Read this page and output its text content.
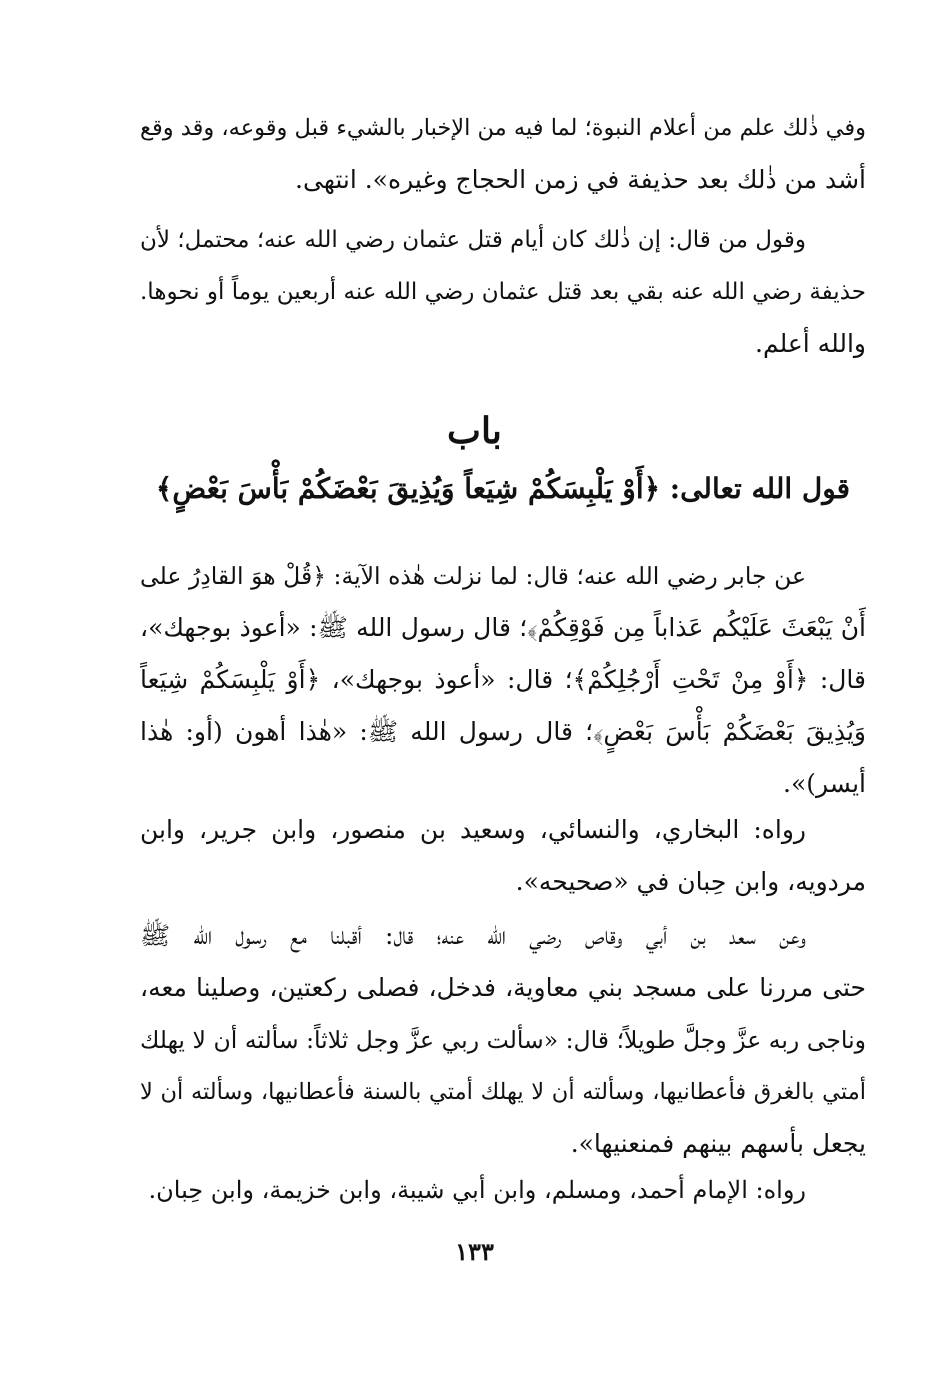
وفي ذٰلك علم من أعلام النبوة؛ لما فيه من الإخبار بالشيء قبل وقوعه، وقد وقع
أشد من ذٰلك بعد حذيفة في زمن الحجاج وغيره». انتهى.
وقول من قال: إن ذٰلك كان أيام قتل عثمان رضي الله عنه؛ محتمل؛ لأن
حذيفة رضي الله عنه بقي بعد قتل عثمان رضي الله عنه أربعين يوماً أو نحوها.
والله أعلم.
باب
قول الله تعالى: ﴿أَوْ يَلْبِسَكُمْ شِيَعاً وَيُذِيقَ بَعْضَكُمْ بَأْسَ بَعْضٍ﴾
عن جابر رضي الله عنه؛ قال: لما نزلت هٰذه الآية: ﴿قُلْ هوَ القادِرُ على
أَنْ يَبْعَثَ عَلَيْكُم عَذاباً مِن فَوْقِكُمْ﴾؛ قال رسول الله ﷺ: «أعوذ بوجهك»،
قال: ﴿أَوْ مِنْ تَحْتِ أَرْجُلِكُمْ﴾؛ قال: «أعوذ بوجهك»، ﴿أَوْ يَلْبِسَكُمْ شِيَعاً
وَيُذِيقَ بَعْضَكُمْ بَأْسَ بَعْضٍ﴾؛ قال رسول الله ﷺ: «هٰذا أهون (أو: هٰذا
أيسر)».
رواه: البخاري، والنسائي، وسعيد بن منصور، وابن جرير، وابن
مردويه، وابن حِبان في «صحيحه».
وعن سعد بن أبي وقاص رضي الله عنه؛ قال: أقبلنا مع رسول الله ﷺ
حتى مررنا على مسجد بني معاوية، فدخل، فصلى ركعتين، وصلينا معه،
وناجى ربه عزَّ وجلَّ طويلاً؛ قال: «سألت ربي عزَّ وجل ثلاثاً: سألته أن لا يهلك
أمتي بالغرق فأعطانيها، وسألته أن لا يهلك أمتي بالسنة فأعطانيها، وسألته أن لا
يجعل بأسهم بينهم فمنعنيها».
رواه: الإمام أحمد، ومسلم، وابن أبي شيبة، وابن خزيمة، وابن حِبان.
١٣٣
